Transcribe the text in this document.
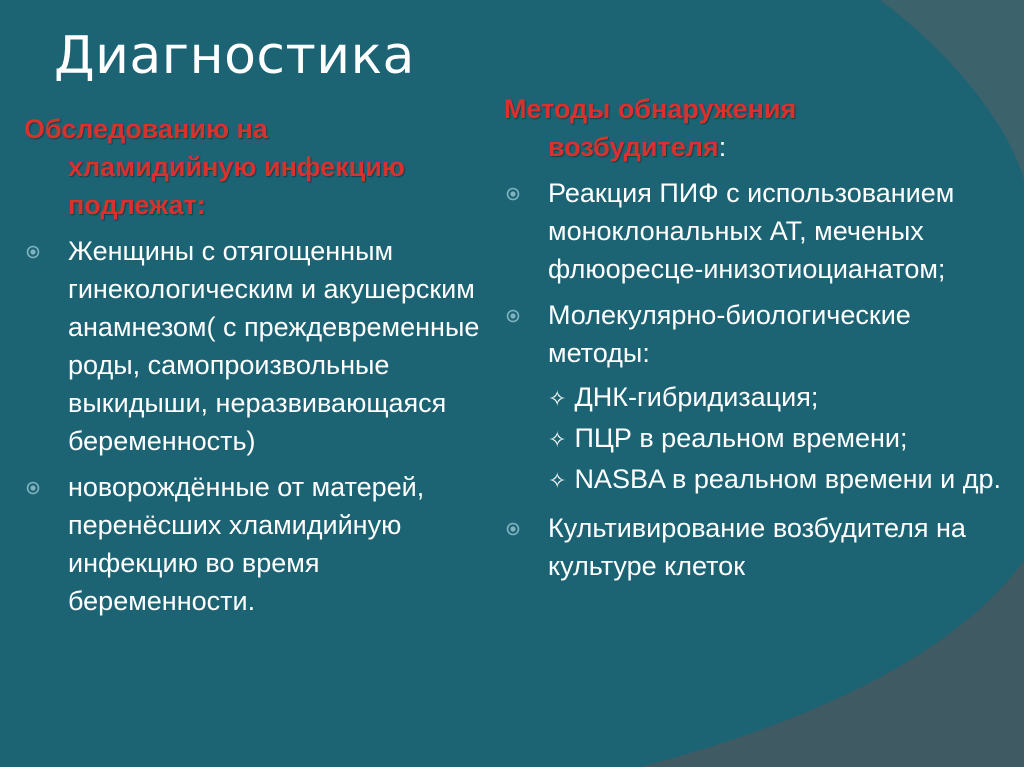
Диагностика
Обследованию на
хламидийную инфекцию
подлежат:
Женщины с отягощенным гинекологическим и акушерским анамнезом( с преждевременные роды, самопроизвольные выкидыши, неразвивающаяся беременность)
новорождённые от матерей, перенёсших хламидийную инфекцию во время беременности.
Методы обнаружения
возбудителя:
Реакция ПИФ с использованием моноклональных АТ, меченых флюоресце-инизотиоцианатом;
Молекулярно-биологические методы:
✧ ДНК-гибридизация;
✧ ПЦР в реальном времени;
✧ NASBA в реальном времени и др.
Культивирование возбудителя на культуре клеток
